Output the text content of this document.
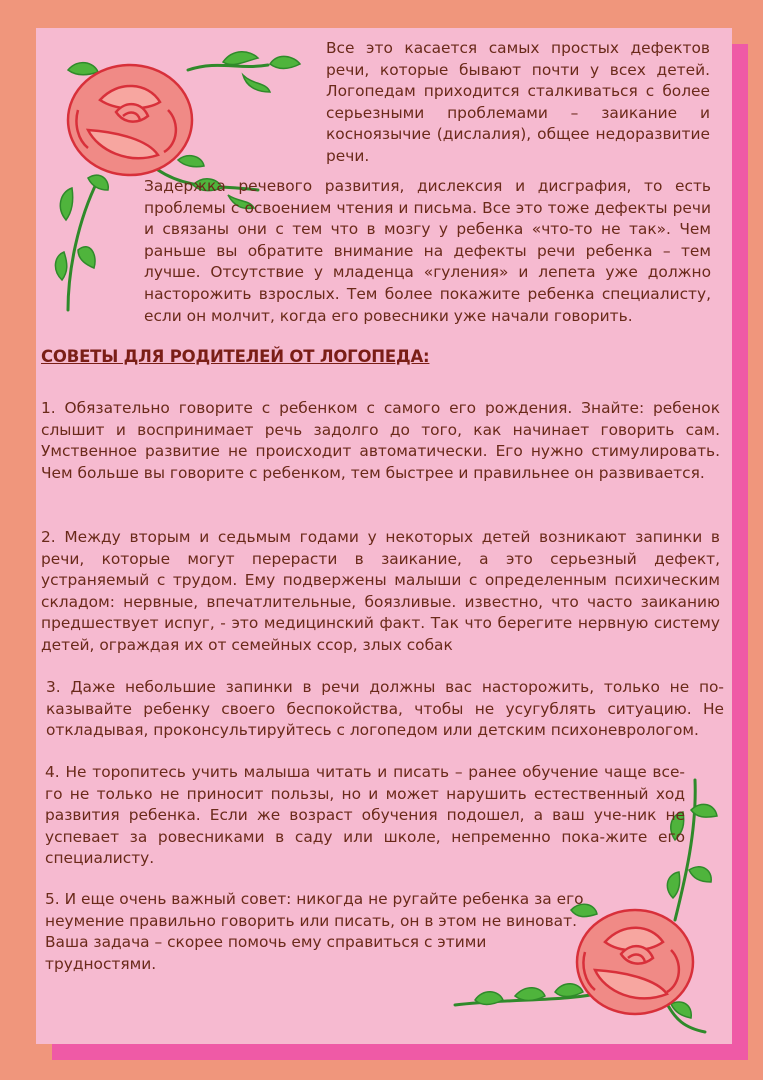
Все это касается самых простых дефектов речи, которые бывают почти у всех детей. Логопедам приходится сталкиваться с более серьезными проблемами – заикание и косноязычие (дислалия), общее недоразвитие речи.

Задержка речевого развития, дислексия и дисграфия, то есть проблемы с освоением чтения и письма. Все это тоже дефекты речи и связаны они с тем что в мозгу у ребенка «что-то не так». Чем раньше вы обратите внимание на дефекты речи ребенка – тем лучше. Отсутствие у младенца «гуления» и лепета уже должно насторожить взрослых. Тем более покажите ребенка специалисту, если он молчит, когда его ровесники уже начали говорить.

СОВЕТЫ ДЛЯ РОДИТЕЛЕЙ ОТ ЛОГОПЕДА:

1. Обязательно говорите с ребенком с самого его рождения. Знайте: ребенок слышит и воспринимает речь задолго до того, как начинает говорить сам. Умственное развитие не происходит автоматически. Его нужно стимулировать. Чем больше вы говорите с ребенком, тем быстрее и правильнее он развивается.

2. Между вторым и седьмым годами у некоторых детей возникают запинки в речи, которые могут перерасти в заикание, а это серьезный дефект, устраняемый с трудом. Ему подвержены малыши с определенным психическим складом: нервные, впечатлительные, боязливые. известно, что часто заиканию предшествует испуг, - это медицинский факт. Так что берегите нервную систему детей, ограждая их от семейных ссор, злых собак

3. Даже небольшие запинки в речи должны вас насторожить, только не по-казывайте ребенку своего беспокойства, чтобы не усугублять ситуацию. Не откладывая, проконсультируйтесь с логопедом или детским психоневрологом.

4. Не торопитесь учить малыша читать и писать – ранее обучение чаще все-го не только не приносит пользы, но и может нарушить естественный ход развития ребенка. Если же возраст обучения подошел, а ваш уче-ник не успевает за ровесниками в саду или школе, непременно пока-жите его специалисту.

5. И еще очень важный совет: никогда не ругайте ребенка за его неумение правильно говорить или писать, он в этом не виноват. Ваша задача – скорее помочь ему справиться с этими трудностями.
